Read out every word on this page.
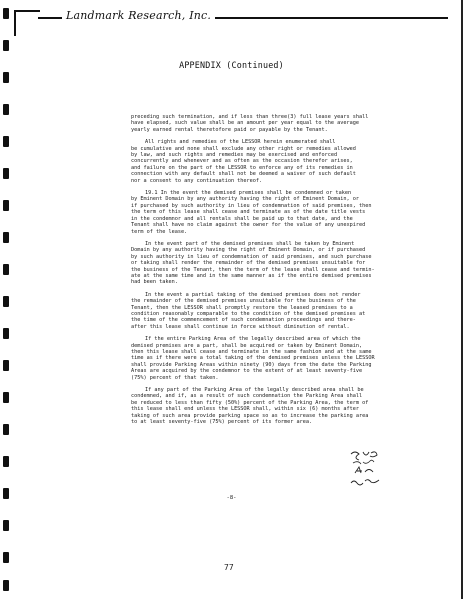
Landmark Research, Inc.
APPENDIX (Continued)

preceding such termination, and if less than three(3) full lease years shall
have elapsed, such value shall be an amount per year equal to the average
yearly earned rental theretofore paid or payable by the Tenant.

All rights and remedies of the LESSOR herein enumerated shall
be cumulative and none shall exclude any other right or remedies allowed
by law, and such rights and remedies may be exercised and enforced
concurrently and whenever and as often as the occasion therefor arises,
and failure on the part of the LESSOR to enforce any of its remedies in
connection with any default shall not be deemed a waiver of such default
nor a consent to any continuation thereof.

19.1 In the event the demised premises shall be condemned or taken
by Eminent Domain by any authority having the right of Eminent Domain, or
if purchased by such authority in lieu of condemnation of said premises, then
the term of this lease shall cease and terminate as of the date title vests
in the condemnor and all rentals shall be paid up to that date, and the
Tenant shall have no claim against the owner for the value of any unexpired
term of the lease.

In the event part of the demised premises shall be taken by Eminent
Domain by any authority having the right of Eminent Domain, or if purchased
by such authority in lieu of condemnation of said premises, and such purchase
or taking shall render the remainder of the demised premises unsuitable for
the business of the Tenant, then the term of the lease shall cease and termin-
ate at the same time and in the same manner as if the entire demised premises
had been taken.

In the event a partial taking of the demised premises does not render
the remainder of the demised premises unsuitable for the business of the
Tenant, then the LESSOR shall promptly restore the leased premises to a
condition reasonably comparable to the condition of the demised premises at
the time of the commencement of such condemnation proceedings and there-
after this lease shall continue in force without diminution of rental.

If the entire Parking Area of the legally described area of which the
demised premises are a part, shall be acquired or taken by Eminent Domain,
then this lease shall cease and terminate in the same fashion and at the same
time as if there were a total taking of the demised premises unless the LESSOR
shall provide Parking Areas within ninety (90) days from the date the Parking
Areas are acquired by the condemnor to the extent of at least seventy-five
(75%) percent of that taken.

If any part of the Parking Area of the legally described area shall be
condemned, and if, as a result of such condemnation the Parking Area shall
be reduced to less than fifty (50%) percent of the Parking Area, the term of
this lease shall end unless the LESSOR shall, within six (6) months after
taking of such area provide parking space so as to increase the parking area
to at least seventy-five (75%) percent of its former area.

-8-
77
